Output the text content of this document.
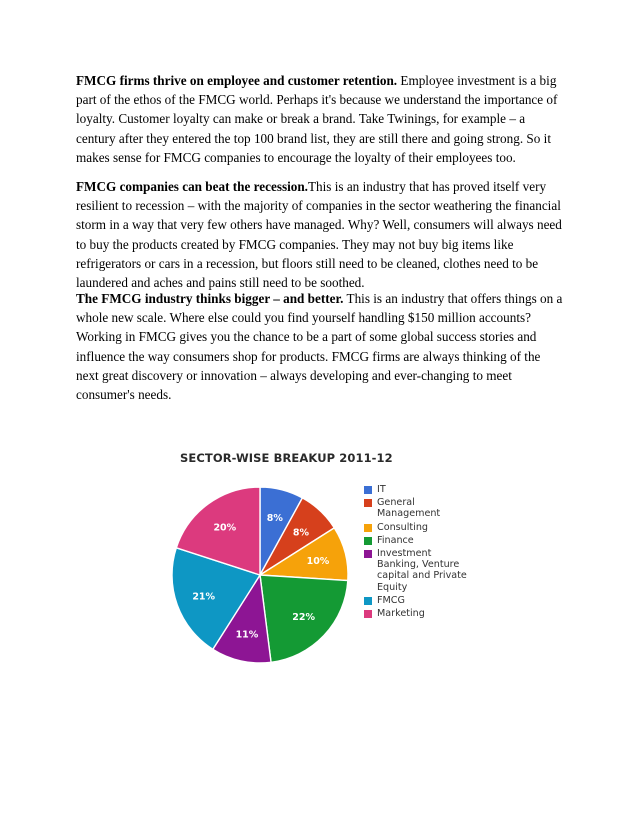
FMCG firms thrive on employee and customer retention. Employee investment is a big part of the ethos of the FMCG world. Perhaps it's because we understand the importance of loyalty. Customer loyalty can make or break a brand. Take Twinings, for example – a century after they entered the top 100 brand list, they are still there and going strong. So it makes sense for FMCG companies to encourage the loyalty of their employees too.

FMCG companies can beat the recession.This is an industry that has proved itself very resilient to recession – with the majority of companies in the sector weathering the financial storm in a way that very few others have managed. Why? Well, consumers will always need to buy the products created by FMCG companies. They may not buy big items like refrigerators or cars in a recession, but floors still need to be cleaned, clothes need to be laundered and aches and pains still need to be soothed.

The FMCG industry thinks bigger – and better. This is an industry that offers things on a whole new scale. Where else could you find yourself handling $150 million accounts? Working in FMCG gives you the chance to be a part of some global success stories and influence the way consumers shop for products. FMCG firms are always thinking of the next great discovery or innovation – always developing and ever-changing to meet consumer's needs.

SECTOR-WISE BREAKUP 2011-12
8%
8%
10%
22%
11%
21%
20%
IT
General Management
Consulting
Finance
Investment Banking, Venture capital and Private Equity
FMCG
Marketing
